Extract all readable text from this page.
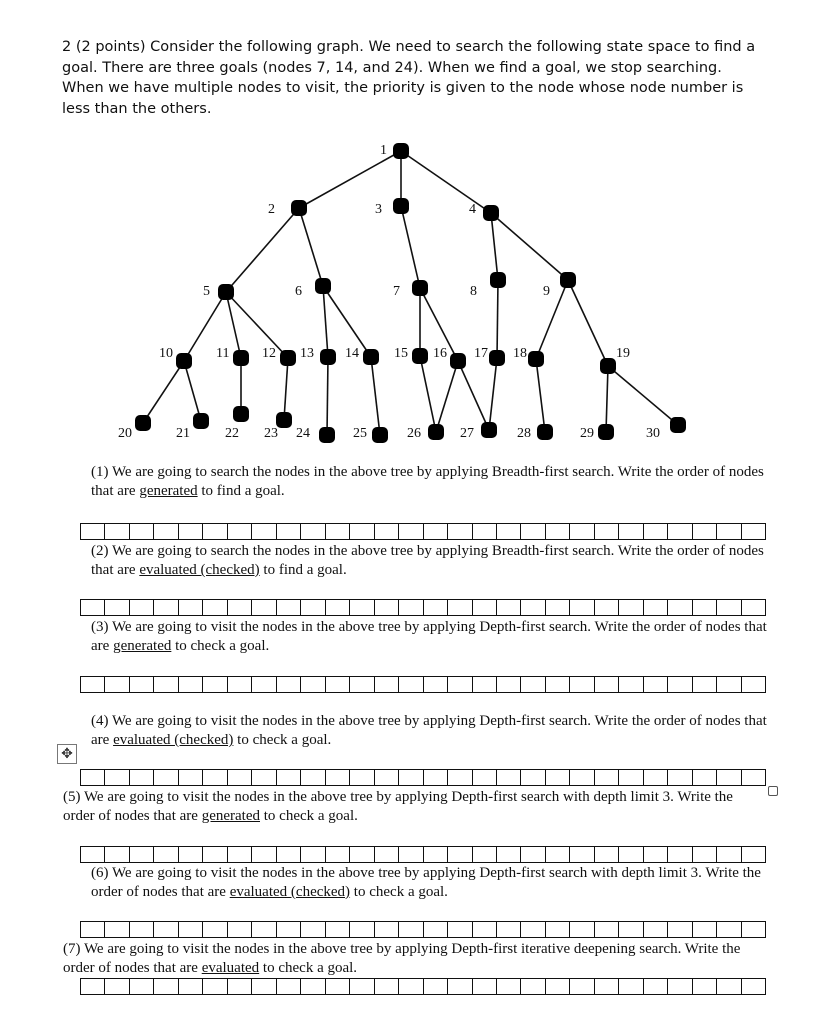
2 (2 points) Consider the following graph. We need to search the following state space to find a goal. There are three goals (nodes 7, 14, and 24). When we find a goal, we stop searching. When we have multiple nodes to visit, the priority is given to the node whose node number is less than the others.
1
2	3	4
5	6	7	8	9
10	11 12 13 14	15 16 17 18	19
20	21	22 23 24	25	26	27	28	29	30
(1) We are going to search the nodes in the above tree by applying Breadth-first search. Write the order of nodes that are generated to find a goal.
(2) We are going to search the nodes in the above tree by applying Breadth-first search. Write the order of nodes that are evaluated (checked) to find a goal.
(3) We are going to visit the nodes in the above tree by applying Depth-first search. Write the order of nodes that are generated to check a goal.
(4) We are going to visit the nodes in the above tree by applying Depth-first search. Write the order of nodes that are evaluated (checked) to check a goal.
✥
(5) We are going to visit the nodes in the above tree by applying Depth-first search with depth limit 3. Write the order of nodes that are generated to check a goal.
(6) We are going to visit the nodes in the above tree by applying Depth-first search with depth limit 3. Write the order of nodes that are evaluated (checked) to check a goal.
(7) We are going to visit the nodes in the above tree by applying Depth-first iterative deepening search. Write the order of nodes that are evaluated to check a goal.
